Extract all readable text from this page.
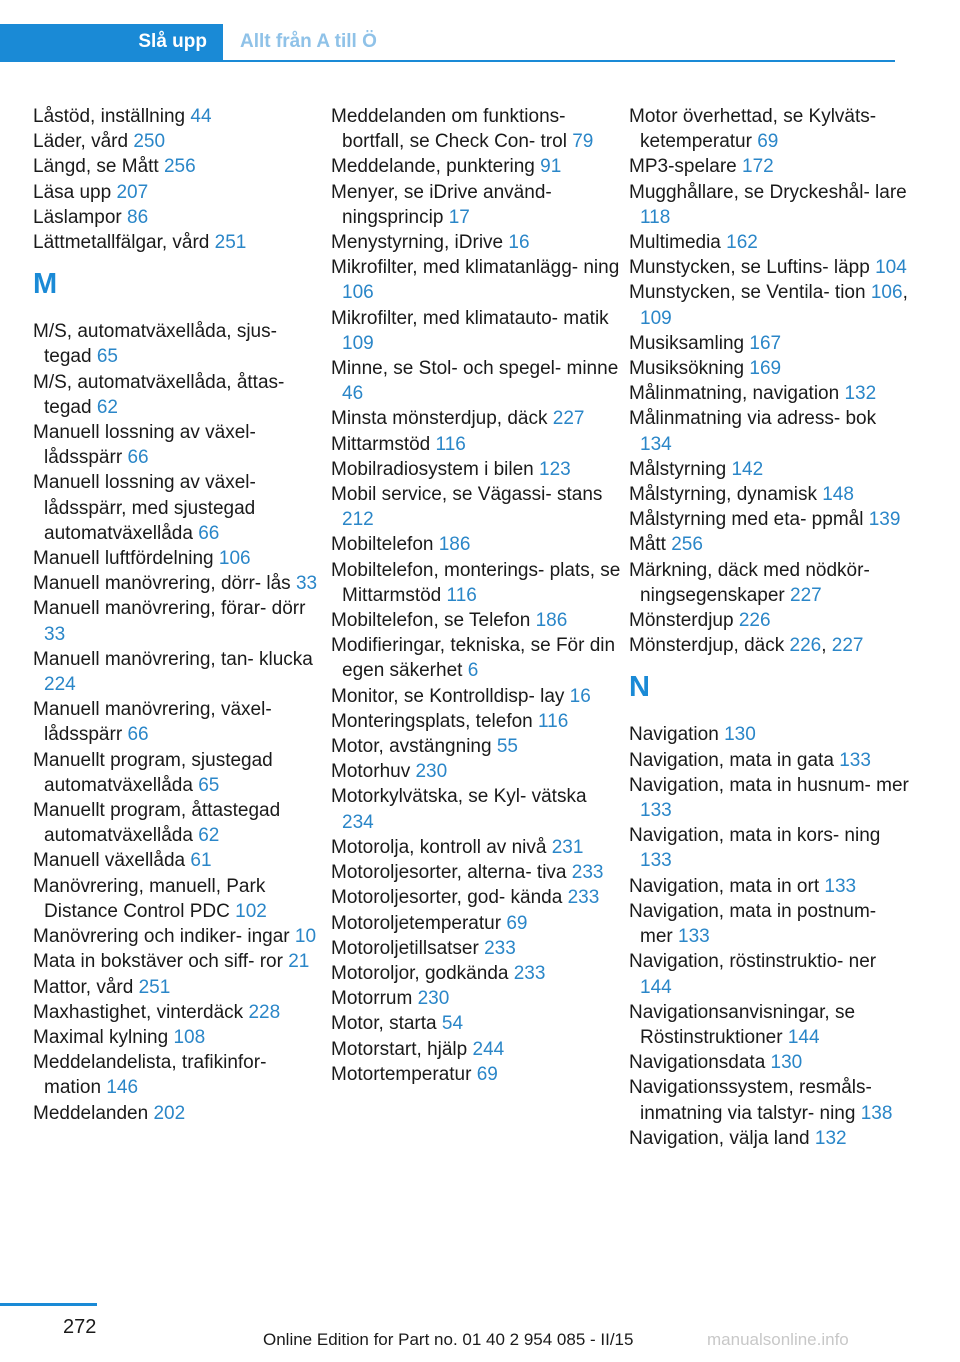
Slå upp	Allt från A till Ö
Låstöd, inställning 44
Läder, vård 250
Längd, se Mått 256
Läsa upp 207
Läslampor 86
Lättmetallfälgar, vård 251
M
M/S, automatväxellåda, sjus‐ tegad 65
M/S, automatväxellåda, åttas‐ tegad 62
Manuell lossning av växel‐ lådsspärr 66
Manuell lossning av växel‐ lådsspärr, med sjustegad automatväxellåda 66
Manuell luftfördelning 106
Manuell manövrering, dörr‐ lås 33
Manuell manövrering, förar‐ dörr 33
Manuell manövrering, tan‐ klucka 224
Manuell manövrering, växel‐ lådsspärr 66
Manuellt program, sjustegad automatväxellåda 65
Manuellt program, åttastegad automatväxellåda 62
Manuell växellåda 61
Manövrering, manuell, Park Distance Control PDC 102
Manövrering och indiker‐ ingar 10
Mata in bokstäver och siff‐ ror 21
Mattor, vård 251
Maxhastighet, vinterdäck 228
Maximal kylning 108
Meddelandelista, trafikinfor‐ mation 146
Meddelanden 202
Meddelanden om funktions‐ bortfall, se Check Con‐ trol 79
Meddelande, punktering 91
Menyer, se iDrive använd‐ ningsprincip 17
Menystyrning, iDrive 16
Mikrofilter, med klimatanlägg‐ ning 106
Mikrofilter, med klimatauto‐ matik 109
Minne, se Stol- och spegel‐ minne 46
Minsta mönsterdjup, däck 227
Mittarmstöd 116
Mobilradiosystem i bilen 123
Mobil service, se Vägassi‐ stans 212
Mobiltelefon 186
Mobiltelefon, monterings‐ plats, se Mittarmstöd 116
Mobiltelefon, se Telefon 186
Modifieringar, tekniska, se För din egen säkerhet 6
Monitor, se Kontrolldisp‐ lay 16
Monteringsplats, telefon 116
Motor, avstängning 55
Motorhuv 230
Motorkylvätska, se Kyl‐ vätska 234
Motorolja, kontroll av nivå 231
Motoroljesorter, alterna‐ tiva 233
Motoroljesorter, god‐ kända 233
Motoroljetemperatur 69
Motoroljetillsatser 233
Motoroljor, godkända 233
Motorrum 230
Motor, starta 54
Motorstart, hjälp 244
Motortemperatur 69
Motor överhettad, se Kylväts‐ ketemperatur 69
MP3-spelare 172
Mugghållare, se Dryckeshål‐ lare 118
Multimedia 162
Munstycken, se Luftins‐ läpp 104
Munstycken, se Ventila‐ tion 106, 109
Musiksamling 167
Musiksökning 169
Målinmatning, navigation 132
Målinmatning via adress‐ bok 134
Målstyrning 142
Målstyrning, dynamisk 148
Målstyrning med eta‐ ppmål 139
Mått 256
Märkning, däck med nödkör‐ ningsegenskaper 227
Mönsterdjup 226
Mönsterdjup, däck 226, 227
N
Navigation 130
Navigation, mata in gata 133
Navigation, mata in husnum‐ mer 133
Navigation, mata in kors‐ ning 133
Navigation, mata in ort 133
Navigation, mata in postnum‐ mer 133
Navigation, röstinstruktio‐ ner 144
Navigationsanvisningar, se Röstinstruktioner 144
Navigationsdata 130
Navigationssystem, resmåls‐ inmatning via talstyr‐ ning 138
Navigation, välja land 132
272
Online Edition for Part no. 01 40 2 954 085 - II/15	manualsonline.info
